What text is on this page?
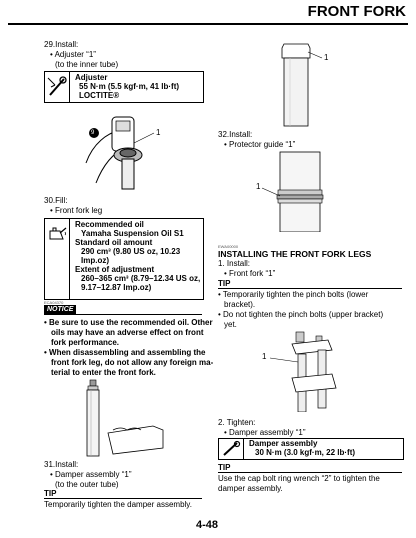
FRONT FORK
29.Install:
• Adjuster “1”
(to the inner tube)
Adjuster
55 N·m (5.5 kgf·m, 41 lb·ft)
LOCTITE®
9	1
30.Fill:
• Front fork leg
Recommended oil
Yamaha Suspension Oil S1
Standard oil amount
290 cm³ (9.80 US oz, 10.23
Imp.oz)
Extent of adjustment
260–365 cm³ (8.79–12.34 US oz,
9.17–12.87 Imp.oz)
ECA04370
NOTICE
• Be sure to use the recommended oil. Other
oils may have an adverse effect on front
fork performance.
• When disassembling and assembling the
front fork leg, do not allow any foreign ma-
terial to enter the front fork.
31.Install:
• Damper assembly “1”
(to the outer tube)
TIP
Temporarily tighten the damper assembly.
1
32.Install:
• Protector guide “1”
1
EWA00000
INSTALLING THE FRONT FORK LEGS
1. Install:
• Front fork “1”
TIP
• Temporarily tighten the pinch bolts (lower
bracket).
• Do not tighten the pinch bolts (upper bracket)
yet.
1
2. Tighten:
• Damper assembly “1”
Damper assembly
30 N·m (3.0 kgf·m, 22 lb·ft)
TIP
Use the cap bolt ring wrench “2” to tighten the
damper assembly.
4-48
